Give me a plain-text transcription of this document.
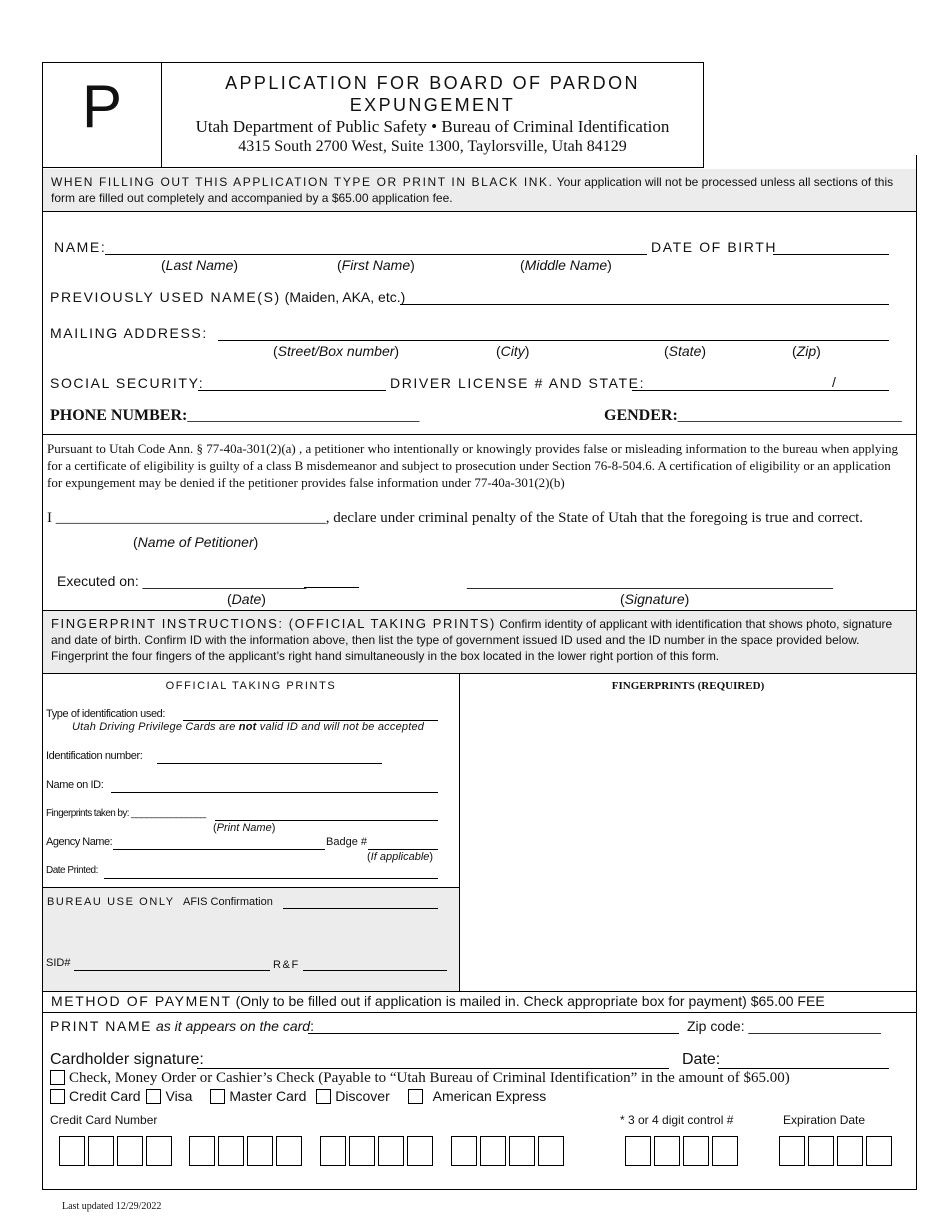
P	APPLICATION FOR BOARD OF PARDON
EXPUNGEMENT
Utah Department of Public Safety • Bureau of Criminal Identification
4315 South 2700 West, Suite 1300, Taylorsville, Utah 84129
WHEN FILLING OUT THIS APPLICATION TYPE OR PRINT IN BLACK INK. Your application will not be processed unless all sections of this form are filled out completely and accompanied by a $65.00 application fee.
NAME:	DATE OF BIRTH
(Last Name)	(First Name)	(Middle Name)
PREVIOUSLY USED NAME(S) (Maiden, AKA, etc.)
MAILING ADDRESS:
(Street/Box number)	(City)	(State)	(Zip)
SOCIAL SECURITY:	DRIVER LICENSE # AND STATE:	/
PHONE NUMBER:_____________________________	GENDER:____________________________
Pursuant to Utah Code Ann. § 77-40a-301(2)(a) , a petitioner who intentionally or knowingly provides false or misleading information to the bureau when applying for a certificate of eligibility is guilty of a class B misdemeanor and subject to prosecution under Section 76-8-504.6. A certification of eligibility or an application for expungement may be denied if the petitioner provides false information under 77-40a-301(2)(b)
I ____________________________________, declare under criminal penalty of the State of Utah that the foregoing is true and correct.
(Name of Petitioner)
Executed on: _____________________	_______________________________________________
(Date)	(Signature)
FINGERPRINT INSTRUCTIONS: (OFFICIAL TAKING PRINTS) Confirm identity of applicant with identification that shows photo, signature and date of birth. Confirm ID with the information above, then list the type of government issued ID used and the ID number in the space provided below. Fingerprint the four fingers of the applicant’s right hand simultaneously in the box located in the lower right portion of this form.
OFFICIAL TAKING PRINTS	FINGERPRINTS (REQUIRED)
Type of identification used:
Utah Driving Privilege Cards are not valid ID and will not be accepted
Identification number:
Name on ID:
Fingerprints taken by: _______________
(Print Name)
Agency Name:	Badge #
(If applicable)
Date Printed:
BUREAU USE ONLY AFIS Confirmation
SID#	R&F
METHOD OF PAYMENT (Only to be filled out if application is mailed in. Check appropriate box for payment) $65.00 FEE
PRINT NAME as it appears on the card:	Zip code: _________________
Cardholder signature:	Date:
Check, Money Order or Cashier’s Check (Payable to “Utah Bureau of Criminal Identification” in the amount of $65.00)
Credit Card Visa	Master Card Discover	American Express
Credit Card Number	* 3 or 4 digit control #	Expiration Date
Last updated 12/29/2022
